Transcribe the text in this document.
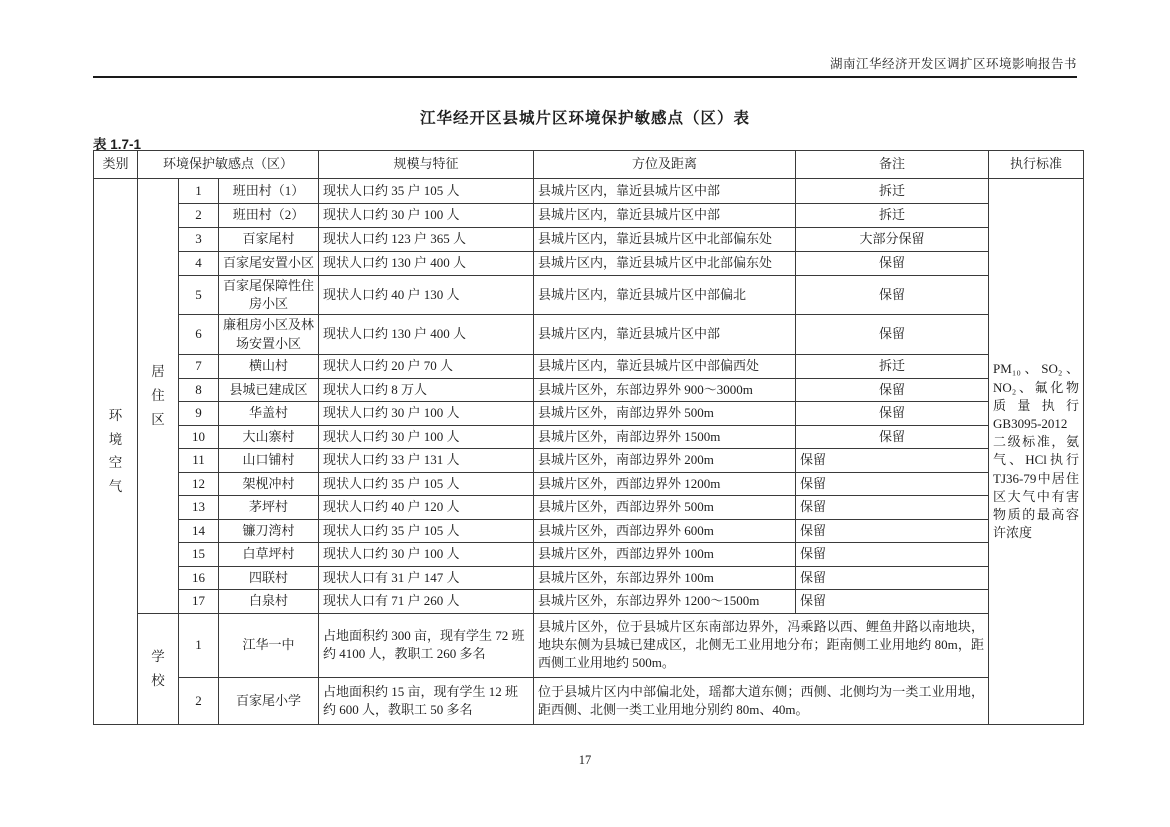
湖南江华经济开发区调扩区环境影响报告书
江华经开区县城片区环境保护敏感点（区）表
表 1.7-1
类别	环境保护敏感点（区）			规模与特征	方位及距离	备注	执行标准
环境空气	居住区	1	班田村（1）	现状人口约 35 户 105 人	县城片区内，靠近县城片区中部	拆迁	PM₁₀、SO₂、NO₂、氟化物质量执行GB3095-2012二级标准，氨气、HCl执行TJ36-79中居住区大气中有害物质的最高容许浓度
		2	班田村（2）	现状人口约 30 户 100 人	县城片区内，靠近县城片区中部	拆迁	
		3	百家尾村	现状人口约 123 户 365 人	县城片区内，靠近县城片区中北部偏东处	大部分保留	
		4	百家尾安置小区	现状人口约 130 户 400 人	县城片区内，靠近县城片区中北部偏东处	保留	
		5	百家尾保障性住房小区	现状人口约 40 户 130 人	县城片区内，靠近县城片区中部偏北	保留	
		6	廉租房小区及林场安置小区	现状人口约 130 户 400 人	县城片区内，靠近县城片区中部	保留	
		7	横山村	现状人口约 20 户 70 人	县城片区内，靠近县城片区中部偏西处	拆迁	
		8	县城已建成区	现状人口约 8 万人	县城片区外，东部边界外 900～3000m	保留	
		9	华盖村	现状人口约 30 户 100 人	县城片区外，南部边界外 500m	保留	
		10	大山寨村	现状人口约 30 户 100 人	县城片区外，南部边界外 1500m	保留	
		11	山口铺村	现状人口约 33 户 131 人	县城片区外，南部边界外 200m	保留	
		12	架枧冲村	现状人口约 35 户 105 人	县城片区外，西部边界外 1200m	保留	
		13	茅坪村	现状人口约 40 户 120 人	县城片区外，西部边界外 500m	保留	
		14	镰刀湾村	现状人口约 35 户 105 人	县城片区外，西部边界外 600m	保留	
		15	白草坪村	现状人口约 30 户 100 人	县城片区外，西部边界外 100m	保留	
		16	四联村	现状人口有 31 户 147 人	县城片区外，东部边界外 100m	保留	
		17	白泉村	现状人口有 71 户 260 人	县城片区外，东部边界外 1200～1500m	保留	
	学校	1	江华一中	占地面积约 300 亩，现有学生 72 班约 4100 人，教职工 260 多名	县城片区外，位于县城片区东南部边界外，冯乘路以西、鲤鱼井路以南地块，地块东侧为县城已建成区，北侧无工业用地分布；距南侧工业用地约 80m，距西侧工业用地约 500m。		
		2	百家尾小学	占地面积约 15 亩，现有学生 12 班约 600 人，教职工 50 多名	位于县城片区内中部偏北处，瑶都大道东侧；西侧、北侧均为一类工业用地，距西侧、北侧一类工业用地分别约 80m、40m。		
17
